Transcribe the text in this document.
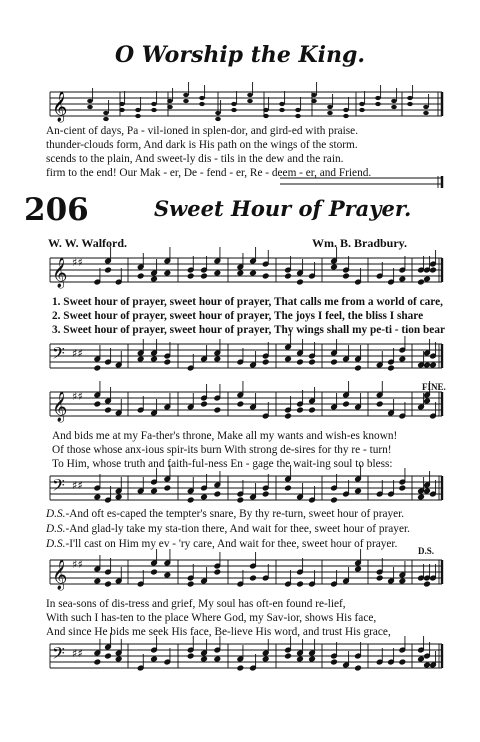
O Worship the King.
𝄞
An-cient of days, Pa - vil-ioned in splen-dor, and gird-ed with praise.
thunder-clouds form, And dark is His path on the wings of the storm.
scends to the plain, And sweet-ly dis - tils in the dew and the rain.
firm to the end! Our Mak - er, De - fend - er, Re - deem - er, and Friend.
206	Sweet Hour of Prayer.
W. W. Walford.	Wm. B. Bradbury.
𝄞 ♯♯
1. Sweet hour of prayer, sweet hour of prayer, That calls me from a world of care,
2. Sweet hour of prayer, sweet hour of prayer, The joys I feel, the bliss I share
3. Sweet hour of prayer, sweet hour of prayer, Thy wings shall my pe-ti - tion bear
𝄢 ♯♯
FINE.
𝄞 ♯♯
And bids me at my Fa-ther's throne, Make all my wants and wish-es known!
Of those whose anx-ious spir-its burn With strong de-sires for thy re - turn!
To Him, whose truth and faith-ful-ness En - gage the wait-ing soul to bless:
𝄢 ♯♯
D.S.-And oft es-caped the tempter's snare, By thy re-turn, sweet hour of prayer.
D.S.-And glad-ly take my sta-tion there, And wait for thee, sweet hour of prayer.
D.S.-I'll cast on Him my ev - 'ry care, And wait for thee, sweet hour of prayer.
D.S.
𝄞 ♯♯
In sea-sons of dis-tress and grief, My soul has oft-en found re-lief,
With such I has-ten to the place Where God, my Sav-ior, shows His face,
And since He bids me seek His face, Be-lieve His word, and trust His grace,
𝄢 ♯♯
